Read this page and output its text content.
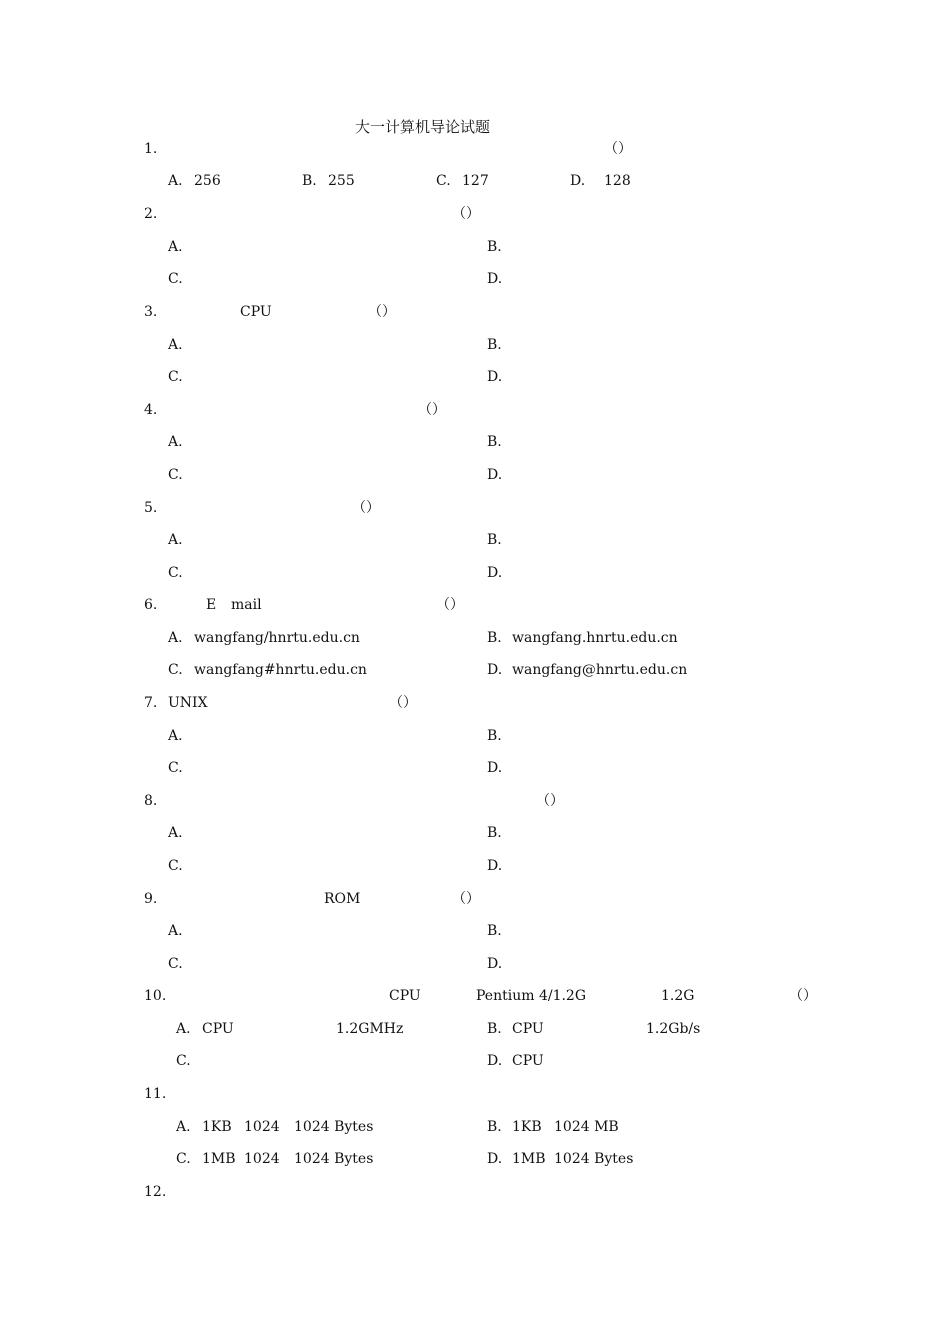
大一计算机导论试题
1.	（）
A. 256	B. 255	C. 127	D. 128
2.	（）
A.	B.
C.	D.
3.	CPU	（）
A.	B.
C.	D.
4.	（）
A.	B.
C.	D.
5.	（）
A.	B.
C.	D.
6.	E mail	（）
A. wangfang/hnrtu.edu.cn	B. wangfang.hnrtu.edu.cn
C. wangfang#hnrtu.edu.cn	D. wangfang@hnrtu.edu.cn
7. UNIX	（）
A.	B.
C.	D.
8.	（）
A.	B.
C.	D.
9.	ROM	（）
A.	B.
C.	D.
10.	CPU	Pentium 4/1.2G	1.2G	（）
A. CPU	1.2GMHz	B. CPU	1.2Gb/s
C.	D. CPU
11.
A. 1KB 1024 1024 Bytes	B. 1KB 1024 MB
C. 1MB 1024 1024 Bytes	D. 1MB 1024 Bytes
12.
